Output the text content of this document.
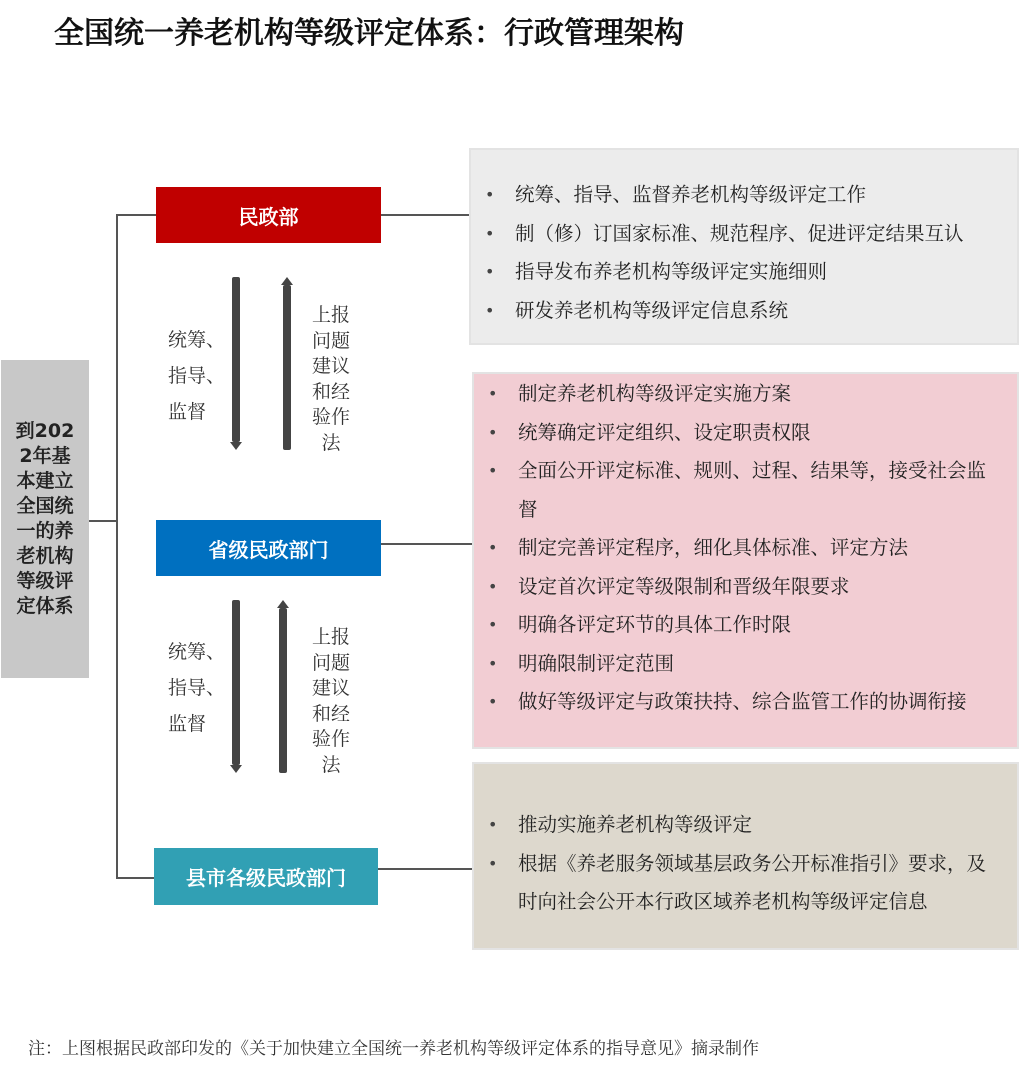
全国统一养老机构等级评定体系：行政管理架构
到2022年基本建立全国统一的养老机构等级评定体系
民政部
省级民政部门
县市各级民政部门
统筹、
指导、
监督
上报问题建议和经验作法
统筹、
指导、
监督
上报问题建议和经验作法
• 统筹、指导、监督养老机构等级评定工作
• 制（修）订国家标准、规范程序、促进评定结果互认
• 指导发布养老机构等级评定实施细则
• 研发养老机构等级评定信息系统
• 制定养老机构等级评定实施方案
• 统筹确定评定组织、设定职责权限
• 全面公开评定标准、规则、过程、结果等，接受社会监督
• 制定完善评定程序，细化具体标准、评定方法
• 设定首次评定等级限制和晋级年限要求
• 明确各评定环节的具体工作时限
• 明确限制评定范围
• 做好等级评定与政策扶持、综合监管工作的协调衔接
• 推动实施养老机构等级评定
• 根据《养老服务领域基层政务公开标准指引》要求，及时向社会公开本行政区域养老机构等级评定信息
注：上图根据民政部印发的《关于加快建立全国统一养老机构等级评定体系的指导意见》摘录制作
